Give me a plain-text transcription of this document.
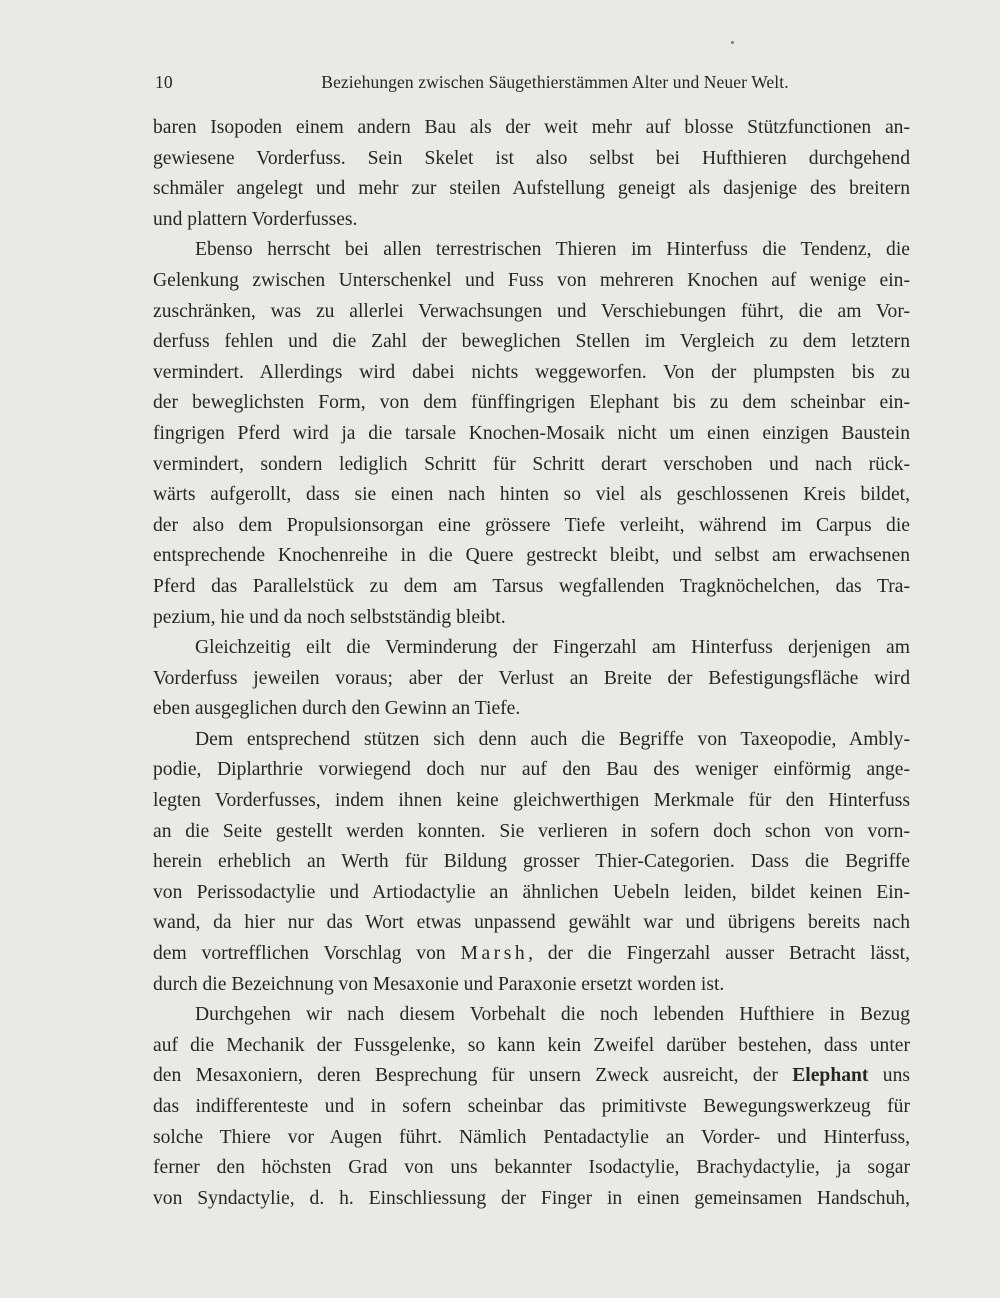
10	Beziehungen zwischen Säugethierstämmen Alter und Neuer Welt.
baren Isopoden einem andern Bau als der weit mehr auf blosse Stützfunctionen an-
gewiesene Vorderfuss. Sein Skelet ist also selbst bei Hufthieren durchgehend
schmäler angelegt und mehr zur steilen Aufstellung geneigt als dasjenige des breitern
und plattern Vorderfusses.
Ebenso herrscht bei allen terrestrischen Thieren im Hinterfuss die Tendenz, die
Gelenkung zwischen Unterschenkel und Fuss von mehreren Knochen auf wenige ein-
zuschränken, was zu allerlei Verwachsungen und Verschiebungen führt, die am Vor-
derfuss fehlen und die Zahl der beweglichen Stellen im Vergleich zu dem letztern
vermindert. Allerdings wird dabei nichts weggeworfen. Von der plumpsten bis zu
der beweglichsten Form, von dem fünffingrigen Elephant bis zu dem scheinbar ein-
fingrigen Pferd wird ja die tarsale Knochen-Mosaik nicht um einen einzigen Baustein
vermindert, sondern lediglich Schritt für Schritt derart verschoben und nach rück-
wärts aufgerollt, dass sie einen nach hinten so viel als geschlossenen Kreis bildet,
der also dem Propulsionsorgan eine grössere Tiefe verleiht, während im Carpus die
entsprechende Knochenreihe in die Quere gestreckt bleibt, und selbst am erwachsenen
Pferd das Parallelstück zu dem am Tarsus wegfallenden Tragknöchelchen, das Tra-
pezium, hie und da noch selbstständig bleibt.
Gleichzeitig eilt die Verminderung der Fingerzahl am Hinterfuss derjenigen am
Vorderfuss jeweilen voraus; aber der Verlust an Breite der Befestigungsfläche wird
eben ausgeglichen durch den Gewinn an Tiefe.
Dem entsprechend stützen sich denn auch die Begriffe von Taxeopodie, Ambly-
podie, Diplarthrie vorwiegend doch nur auf den Bau des weniger einförmig ange-
legten Vorderfusses, indem ihnen keine gleichwerthigen Merkmale für den Hinterfuss
an die Seite gestellt werden konnten. Sie verlieren in sofern doch schon von vorn-
herein erheblich an Werth für Bildung grosser Thier-Categorien. Dass die Begriffe
von Perissodactylie und Artiodactylie an ähnlichen Uebeln leiden, bildet keinen Ein-
wand, da hier nur das Wort etwas unpassend gewählt war und übrigens bereits nach
dem vortrefflichen Vorschlag von Marsh, der die Fingerzahl ausser Betracht lässt,
durch die Bezeichnung von Mesaxonie und Paraxonie ersetzt worden ist.
Durchgehen wir nach diesem Vorbehalt die noch lebenden Hufthiere in Bezug
auf die Mechanik der Fussgelenke, so kann kein Zweifel darüber bestehen, dass unter
den Mesaxoniern, deren Besprechung für unsern Zweck ausreicht, der Elephant uns
das indifferenteste und in sofern scheinbar das primitivste Bewegungswerkzeug für
solche Thiere vor Augen führt. Nämlich Pentadactylie an Vorder- und Hinterfuss,
ferner den höchsten Grad von uns bekannter Isodactylie, Brachydactylie, ja sogar
von Syndactylie, d. h. Einschliessung der Finger in einen gemeinsamen Handschuh,
